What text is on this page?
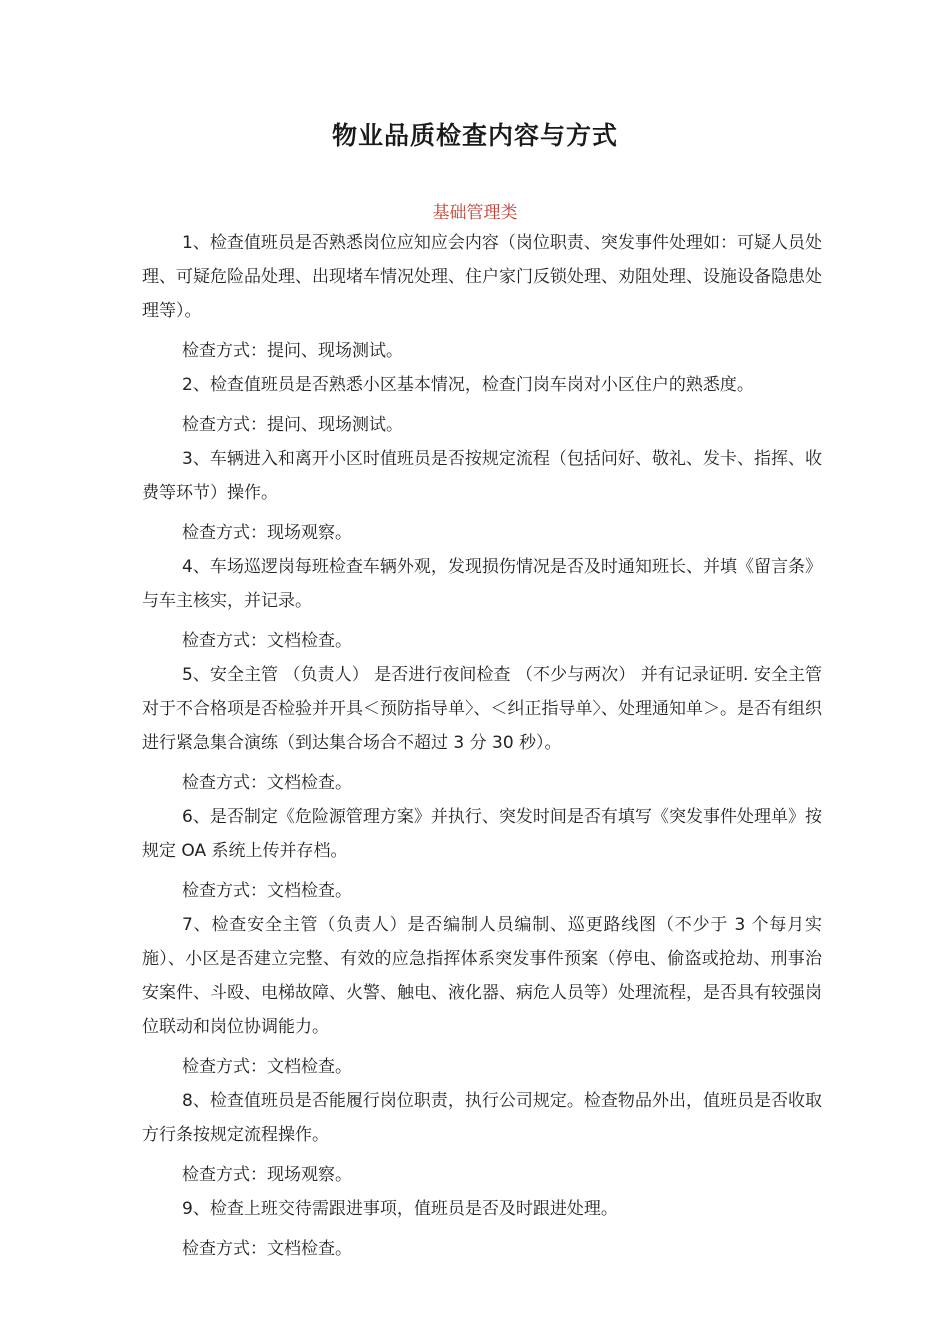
物业品质检查内容与方式
基础管理类

1、检查值班员是否熟悉岗位应知应会内容（岗位职责、突发事件处理如：可疑人员处理、可疑危险品处理、出现堵车情况处理、住户家门反锁处理、劝阻处理、设施设备隐患处理等）。

检查方式：提问、现场测试。

2、检查值班员是否熟悉小区基本情况，检查门岗车岗对小区住户的熟悉度。

检查方式：提问、现场测试。

3、车辆进入和离开小区时值班员是否按规定流程（包括问好、敬礼、发卡、指挥、收费等环节）操作。

检查方式：现场观察。

4、车场巡逻岗每班检查车辆外观，发现损伤情况是否及时通知班长、并填《留言条》与车主核实，并记录。

检查方式：文档检查。

5、安全主管 （负责人） 是否进行夜间检查 （不少与两次） 并有记录证明. 安全主管对于不合格项是否检验并开具＜预防指导单〉、＜纠正指导单〉、处理通知单＞。是否有组织进行紧急集合演练（到达集合场合不超过 3 分 30 秒）。

检查方式：文档检查。

6、是否制定《危险源管理方案》并执行、突发时间是否有填写《突发事件处理单》按规定 OA 系统上传并存档。

检查方式：文档检查。

7、检查安全主管（负责人）是否编制人员编制、巡更路线图（不少于 3 个每月实施）、小区是否建立完整、有效的应急指挥体系突发事件预案（停电、偷盗或抢劫、刑事治安案件、斗殴、电梯故障、火警、触电、液化器、病危人员等）处理流程，是否具有较强岗位联动和岗位协调能力。

检查方式：文档检查。

8、检查值班员是否能履行岗位职责，执行公司规定。检查物品外出，值班员是否收取方行条按规定流程操作。

检查方式：现场观察。

9、检查上班交待需跟进事项，值班员是否及时跟进处理。

检查方式：文档检查。
